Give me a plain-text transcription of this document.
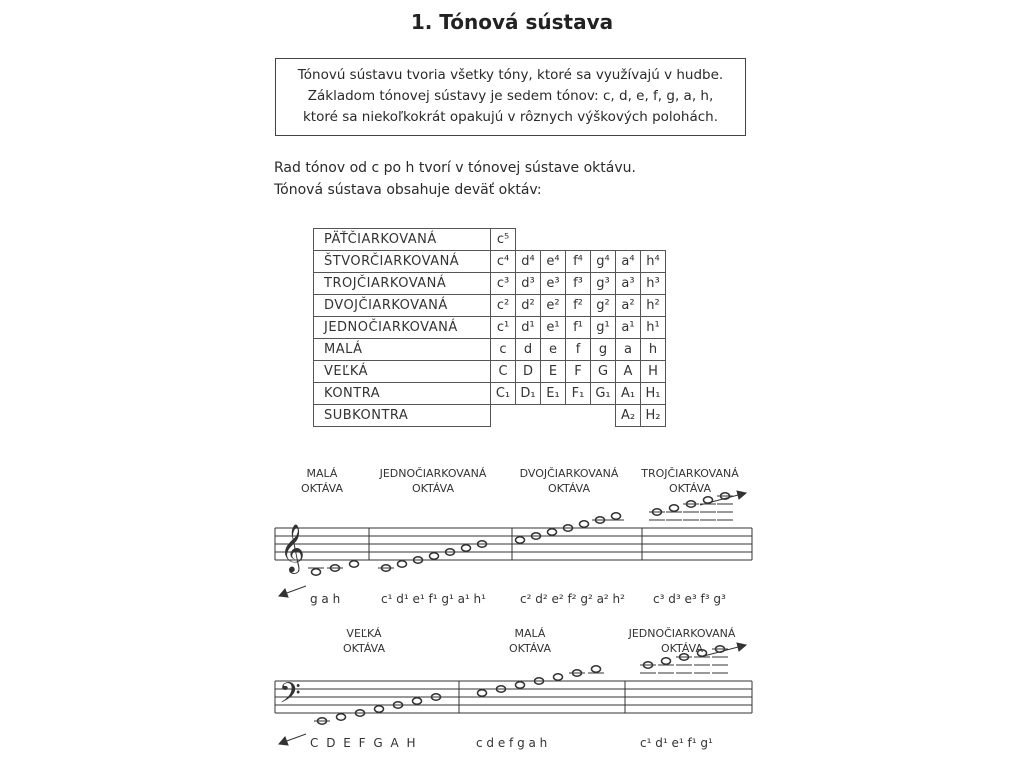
1. Tónová sústava
Tónovú sústavu tvoria všetky tóny, ktoré sa využívajú v hudbe.
Základom tónovej sústavy je sedem tónov: c, d, e, f, g, a, h,
ktoré sa niekoľkokrát opakujú v rôznych výškových polohách.
Rad tónov od c po h tvorí v tónovej sústave oktávu.
Tónová sústava obsahuje deväť oktáv:
PÄŤČIARKOVANÁ	c⁵						
ŠTVORČIARKOVANÁ	c⁴	d⁴	e⁴	f⁴	g⁴	a⁴	h⁴
TROJČIARKOVANÁ	c³	d³	e³	f³	g³	a³	h³
DVOJČIARKOVANÁ	c²	d²	e²	f²	g²	a²	h²
JEDNOČIARKOVANÁ	c¹	d¹	e¹	f¹	g¹	a¹	h¹
MALÁ	c	d	e	f	g	a	h
VEĽKÁ	C	D	E	F	G	A	H
KONTRA	C₁	D₁	E₁	F₁	G₁	A₁	H₁
SUBKONTRA						A₂	H₂
𝄞
MALÁ
OKTÁVA
JEDNOČIARKOVANÁ
OKTÁVA
DVOJČIARKOVANÁ
OKTÁVA
TROJČIARKOVANÁ
OKTÁVA
g a h	c¹ d¹ e¹ f¹ g¹ a¹ h¹	c² d² e² f² g² a² h² c³ d³ e³ f³ g³
𝄢
VEĽKÁ
OKTÁVA
MALÁ
OKTÁVA
JEDNOČIARKOVANÁ
OKTÁVA
C D E F G A H	c d e f g a h	c¹ d¹ e¹ f¹ g¹
